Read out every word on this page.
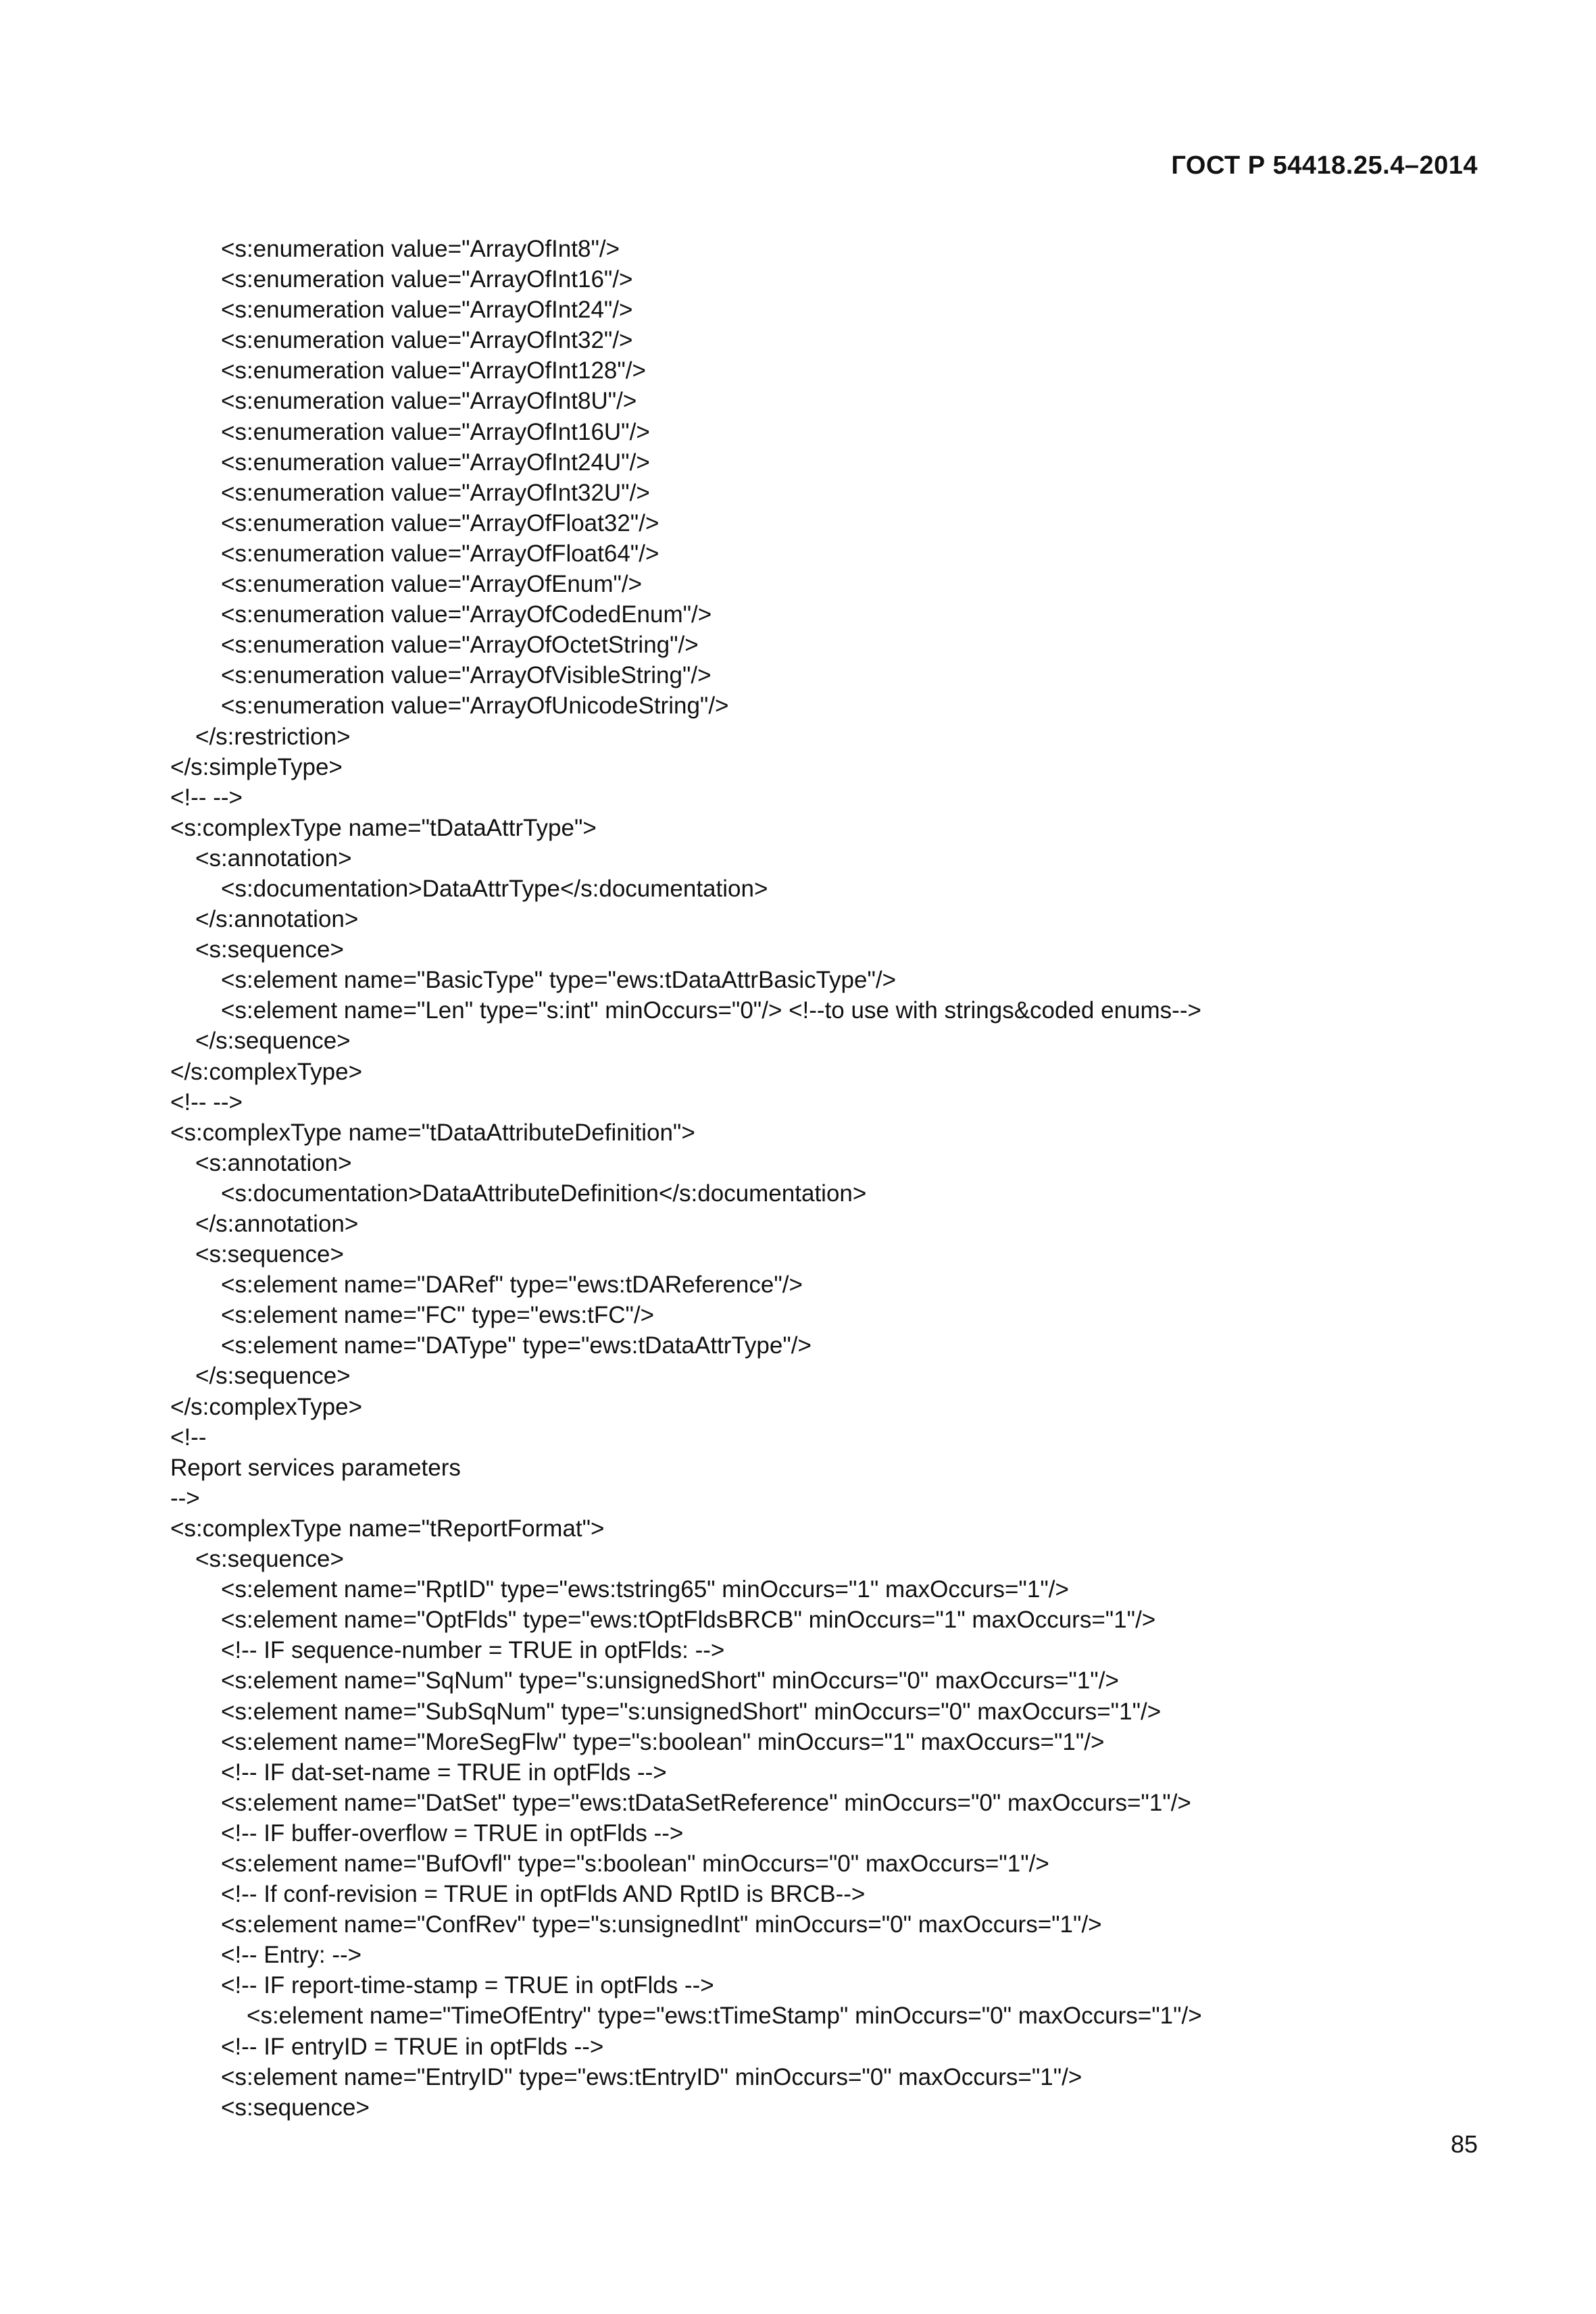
ГОСТ Р 54418.25.4–2014
<s:enumeration value="ArrayOfInt8"/>
<s:enumeration value="ArrayOfInt16"/>
<s:enumeration value="ArrayOfInt24"/>
<s:enumeration value="ArrayOfInt32"/>
<s:enumeration value="ArrayOfInt128"/>
<s:enumeration value="ArrayOfInt8U"/>
<s:enumeration value="ArrayOfInt16U"/>
<s:enumeration value="ArrayOfInt24U"/>
<s:enumeration value="ArrayOfInt32U"/>
<s:enumeration value="ArrayOfFloat32"/>
<s:enumeration value="ArrayOfFloat64"/>
<s:enumeration value="ArrayOfEnum"/>
<s:enumeration value="ArrayOfCodedEnum"/>
<s:enumeration value="ArrayOfOctetString"/>
<s:enumeration value="ArrayOfVisibleString"/>
<s:enumeration value="ArrayOfUnicodeString"/>
</s:restriction>
</s:simpleType>
<!-- -->
<s:complexType name="tDataAttrType">
<s:annotation>
<s:documentation>DataAttrType</s:documentation>
</s:annotation>
<s:sequence>
<s:element name="BasicType" type="ews:tDataAttrBasicType"/>
<s:element name="Len" type="s:int" minOccurs="0"/> <!--to use with strings&coded enums-->
</s:sequence>
</s:complexType>
<!-- -->
<s:complexType name="tDataAttributeDefinition">
<s:annotation>
<s:documentation>DataAttributeDefinition</s:documentation>
</s:annotation>
<s:sequence>
<s:element name="DARef" type="ews:tDAReference"/>
<s:element name="FC" type="ews:tFC"/>
<s:element name="DAType" type="ews:tDataAttrType"/>
</s:sequence>
</s:complexType>
<!--
Report services parameters
-->
<s:complexType name="tReportFormat">
<s:sequence>
<s:element name="RptID" type="ews:tstring65" minOccurs="1" maxOccurs="1"/>
<s:element name="OptFlds" type="ews:tOptFldsBRCB" minOccurs="1" maxOccurs="1"/>
<!-- IF sequence-number = TRUE in optFlds: -->
<s:element name="SqNum" type="s:unsignedShort" minOccurs="0" maxOccurs="1"/>
<s:element name="SubSqNum" type="s:unsignedShort" minOccurs="0" maxOccurs="1"/>
<s:element name="MoreSegFlw" type="s:boolean" minOccurs="1" maxOccurs="1"/>
<!-- IF dat-set-name = TRUE in optFlds -->
<s:element name="DatSet" type="ews:tDataSetReference" minOccurs="0" maxOccurs="1"/>
<!-- IF buffer-overflow = TRUE in optFlds -->
<s:element name="BufOvfl" type="s:boolean" minOccurs="0" maxOccurs="1"/>
<!-- If conf-revision = TRUE in optFlds AND RptID is BRCB-->
<s:element name="ConfRev" type="s:unsignedInt" minOccurs="0" maxOccurs="1"/>
<!-- Entry: -->
<!-- IF report-time-stamp = TRUE in optFlds -->
<s:element name="TimeOfEntry" type="ews:tTimeStamp" minOccurs="0" maxOccurs="1"/>
<!-- IF entryID = TRUE in optFlds -->
<s:element name="EntryID" type="ews:tEntryID" minOccurs="0" maxOccurs="1"/>
<s:sequence>
85
